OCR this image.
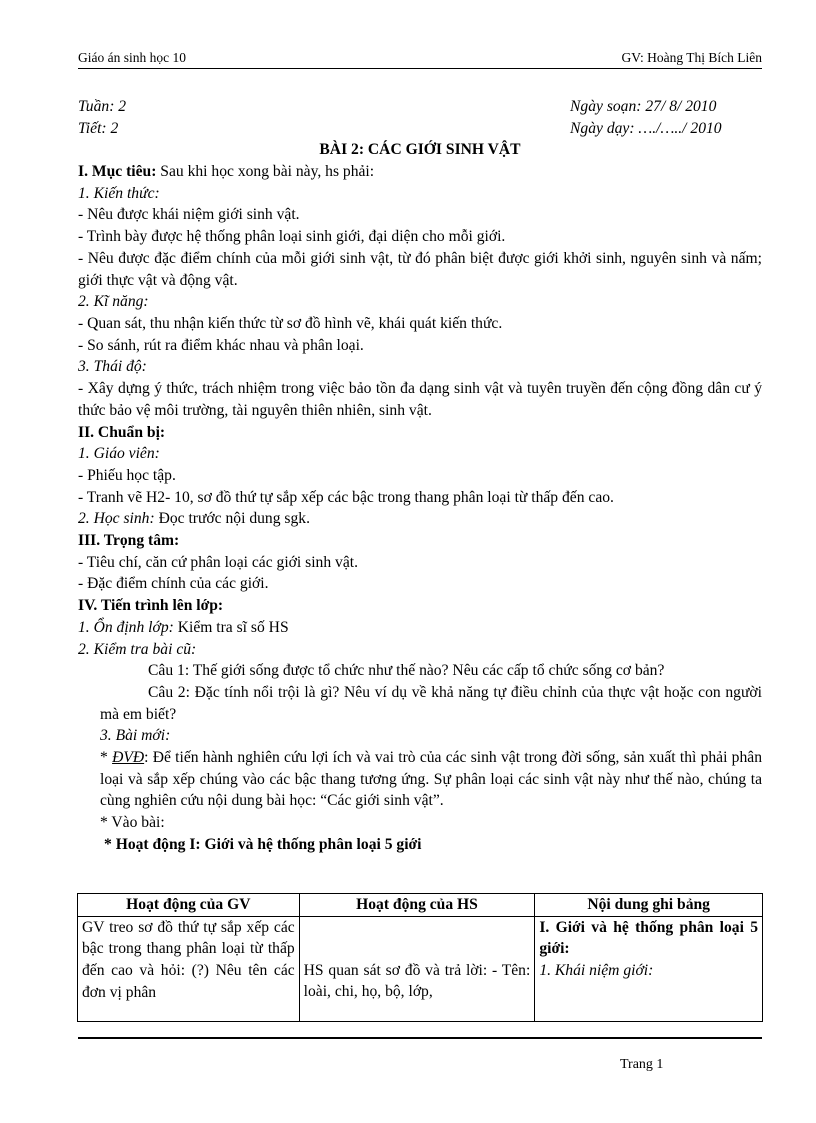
Giáo án sinh học 10	GV: Hoàng Thị Bích Liên
Tuần: 2	Ngày soạn: 27/ 8/ 2010
Tiết: 2	Ngày dạy: …./…../ 2010
BÀI 2: CÁC GIỚI SINH VẬT
I. Mục tiêu: Sau khi học xong bài này, hs phải:
1. Kiến thức:
- Nêu được khái niệm giới sinh vật.
- Trình bày được hệ thống phân loại sinh giới, đại diện cho mỗi giới.
- Nêu được đặc điểm chính của mỗi giới sinh vật, từ đó phân biệt được giới khởi sinh, nguyên sinh và nấm; giới thực vật và động vật.
2. Kĩ năng:
- Quan sát, thu nhận kiến thức từ sơ đồ hình vẽ, khái quát kiến thức.
- So sánh, rút ra điểm khác nhau và phân loại.
3. Thái độ:
- Xây dựng ý thức, trách nhiệm trong việc bảo tồn đa dạng sinh vật và tuyên truyền đến cộng đồng dân cư ý thức bảo vệ môi trường, tài nguyên thiên nhiên, sinh vật.
II. Chuẩn bị:
1. Giáo viên:
- Phiếu học tập.
- Tranh vẽ H2- 10, sơ đồ thứ tự sắp xếp các bậc trong thang phân loại từ thấp đến cao.
2. Học sinh: Đọc trước nội dung sgk.
III. Trọng tâm:
- Tiêu chí, căn cứ phân loại các giới sinh vật.
- Đặc điểm chính của các giới.
IV. Tiến trình lên lớp:
1. Ổn định lớp: Kiểm tra sĩ số HS
2. Kiểm tra bài cũ:
Câu 1: Thế giới sống được tổ chức như thế nào? Nêu các cấp tổ chức sống cơ bản?
Câu 2: Đặc tính nổi trội là gì? Nêu ví dụ về khả năng tự điều chỉnh của thực vật hoặc con người mà em biết?
3. Bài mới:
* ĐVĐ: Để tiến hành nghiên cứu lợi ích và vai trò của các sinh vật trong đời sống, sản xuất thì phải phân loại và sắp xếp chúng vào các bậc thang tương ứng. Sự phân loại các sinh vật này như thế nào, chúng ta cùng nghiên cứu nội dung bài học: “Các giới sinh vật”.
* Vào bài:
* Hoạt động I: Giới và hệ thống phân loại 5 giới
Hoạt động của GV	Hoạt động của HS	Nội dung ghi bảng
GV treo sơ đồ thứ tự sắp xếp các bậc trong thang phân loại từ thấp đến cao và hỏi: (?) Nêu tên các đơn vị phân	HS quan sát sơ đồ và trả lời: - Tên: loài, chi, họ, bộ, lớp,	I. Giới và hệ thống phân loại 5 giới:
1. Khái niệm giới:
Trang 1
